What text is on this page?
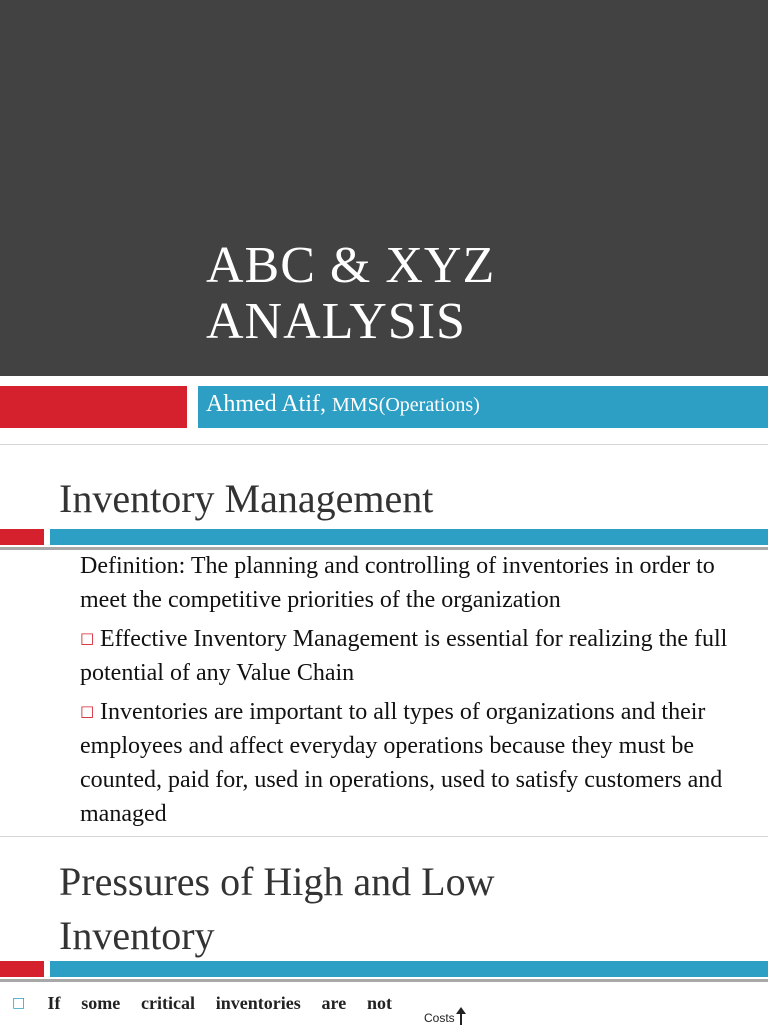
ABC & XYZ
ANALYSIS
Ahmed Atif, MMS(Operations)
Inventory Management

Definition: The planning and controlling of inventories in order to meet the competitive priorities of the organization

□ Effective Inventory Management is essential for realizing the full potential of any Value Chain

□ Inventories are important to all types of organizations and their employees and affect everyday operations because they must be counted, paid for, used in operations, used to satisfy customers and managed

Pressures of High and Low
Inventory
□ If some critical inventories are not
Costs
